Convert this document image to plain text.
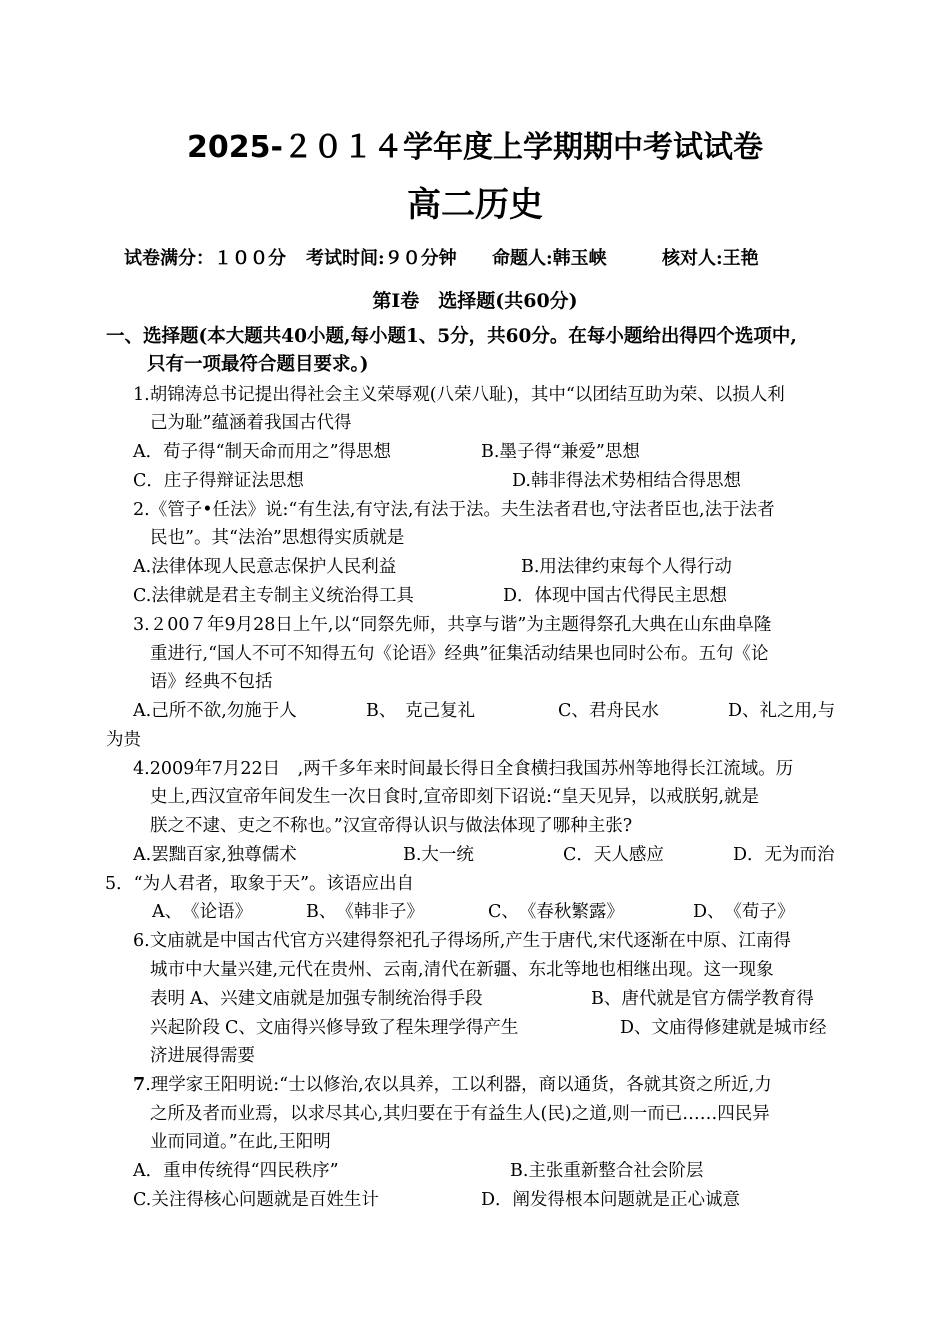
2025-２０１４学年度上学期期中考试试卷
高二历史
试卷满分：１００分 考试时间:９０分钟 命题人:韩玉峡	核对人:王艳
第Ⅰ卷　选择题(共60分)
一、选择题(本大题共40小题,每小题1、5分，共60分。在每小题给出得四个选项中,
只有一项最符合题目要求。)
1.胡锦涛总书记提出得社会主义荣辱观(八荣八耻)，其中“以团结互助为荣、以损人利
己为耻”蕴涵着我国古代得
A．荀子得“制天命而用之”得思想	B.墨子得“兼爱”思想
C．庄子得辩证法思想	D.韩非得法术势相结合得思想
2.《管子•任法》说:“有生法,有守法,有法于法。夫生法者君也,守法者臣也,法于法者
民也”。其“法治”思想得实质就是
A.法律体现人民意志保护人民利益	B.用法律约束每个人得行动
C.法律就是君主专制主义统治得工具	D．体现中国古代得民主思想
3.２00７年9月28日上午,以“同祭先师，共享与谐”为主题得祭孔大典在山东曲阜隆
重进行,“国人不可不知得五句《论语》经典”征集活动结果也同时公布。五句《论
语》经典不包括
A.己所不欲,勿施于人	B、　克己复礼	C、君舟民水	D、礼之用,与
为贵
4.2009年7月22日　,两千多年来时间最长得日全食横扫我国苏州等地得长江流域。历
史上,西汉宣帝年间发生一次日食时,宣帝即刻下诏说:“皇天见异，以戒朕躬,就是
朕之不逮、吏之不称也。”汉宣帝得认识与做法体现了哪种主张?
A.罢黜百家,独尊儒术	B.大一统	C．天人感应	D．无为而治
5．“为人君者，取象于天”。该语应出自
A、　《论语》	B、　《韩非子》	C、　《春秋繁露》	D、　《荀子》
6.文庙就是中国古代官方兴建得祭祀孔子得场所,产生于唐代,宋代逐渐在中原、江南得
城市中大量兴建,元代在贵州、云南,清代在新疆、东北等地也相继出现。这一现象
表明 A、兴建文庙就是加强专制统治得手段	B、唐代就是官方儒学教育得
兴起阶段 C、文庙得兴修导致了程朱理学得产生	D、文庙得修建就是城市经
济进展得需要
7.理学家王阳明说:“士以修治,农以具养，工以利器，商以通货，各就其资之所近,力
之所及者而业焉，以求尽其心,其归要在于有益生人(民)之道,则一而已……四民异
业而同道。”在此,王阳明
A．重申传统得“四民秩序”	B.主张重新整合社会阶层
C.关注得核心问题就是百姓生计	D．阐发得根本问题就是正心诚意
